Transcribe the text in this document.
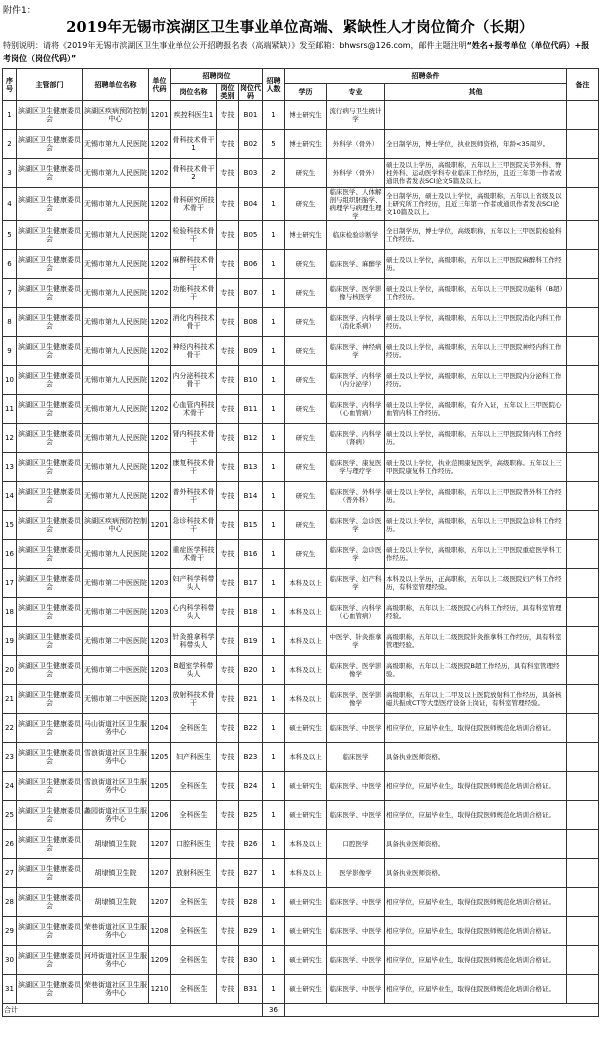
附件1：
2019年无锡市滨湖区卫生事业单位高端、紧缺性人才岗位简介（长期）
特别说明：请将《2019年无锡市滨湖区卫生事业单位公开招聘报名表（高端紧缺）》发至邮箱：bhwsrs@126.com，邮件主题注明“姓名+报考单位（单位代码）+报考岗位（岗位代码）”
序号	主管部门	招聘单位名称	单位代码	招聘岗位			招聘人数	招聘条件			备注
				岗位名称	岗位类别	岗位代码		学历	专业	其他	
1	滨湖区卫生健康委员会	滨湖区疾病预防控制中心	1201	疾控科医生1	专技	B01	1	博士研究生	流行病与卫生统计学		
2	滨湖区卫生健康委员会	无锡市第九人民医院	1202	骨科技术骨干1	专技	B02	5	博士研究生	外科学（骨外）	全日制学历，博士学位，执业医师资格，年龄<35周岁。	
3	滨湖区卫生健康委员会	无锡市第九人民医院	1202	骨科技术骨干2	专技	B03	2	研究生	外科学（骨外）	硕士及以上学历，高级职称，五年以上三甲医院关节外科、脊柱外科、运动医学科专业临床工作经历，且近三年第一作者或通讯作者发表SCI论文5篇及以上。	
4	滨湖区卫生健康委员会	无锡市第九人民医院	1202	骨科研究所技术骨干	专技	B04	1	研究生	临床医学、人体解剖与组织胚胎学、病理学与病理生理学	全日制学历，硕士及以上学位，高级职称，五年以上省级及以上研究所工作经历，且近三年第一作者或通讯作者发表SCI论文10篇及以上。	
5	滨湖区卫生健康委员会	无锡市第九人民医院	1202	检验科技术骨干	专技	B05	1	博士研究生	临床检验诊断学	全日制学历，博士学位，高级职称，五年以上三甲医院检验科工作经历。	
6	滨湖区卫生健康委员会	无锡市第九人民医院	1202	麻醉科技术骨干	专技	B06	1	研究生	临床医学、麻醉学	硕士及以上学位，高级职称，五年以上三甲医院麻醉科工作经历。	
7	滨湖区卫生健康委员会	无锡市第九人民医院	1202	功能科技术骨干	专技	B07	1	研究生	临床医学、医学影像与核医学	硕士及以上学位，高级职称，五年以上三甲医院功能科（B超）工作经历。	
8	滨湖区卫生健康委员会	无锡市第九人民医院	1202	消化内科技术骨干	专技	B08	1	研究生	临床医学、内科学（消化系病）	硕士及以上学位，高级职称，五年以上三甲医院消化内科工作经历。	
9	滨湖区卫生健康委员会	无锡市第九人民医院	1202	神经内科技术骨干	专技	B09	1	研究生	临床医学、神经病学	硕士及以上学位，高级职称，五年以上三甲医院神经内科工作经历。	
10	滨湖区卫生健康委员会	无锡市第九人民医院	1202	内分泌科技术骨干	专技	B10	1	研究生	临床医学、内科学（内分泌学）	硕士及以上学位，高级职称，五年以上三甲医院内分泌科工作经历。	
11	滨湖区卫生健康委员会	无锡市第九人民医院	1202	心血管内科技术骨干	专技	B11	1	研究生	临床医学、内科学（心血管病）	硕士及以上学位，高级职称，有介入证，五年以上三甲医院心血管内科工作经历。	
12	滨湖区卫生健康委员会	无锡市第九人民医院	1202	肾内科技术骨干	专技	B12	1	研究生	临床医学、内科学（肾病）	硕士及以上学位，高级职称，五年以上三甲医院肾内科工作经历。	
13	滨湖区卫生健康委员会	无锡市第九人民医院	1202	康复科技术骨干	专技	B13	1	研究生	临床医学、康复医学与理疗学	硕士及以上学位，执业范围康复医学，高级职称。五年以上三甲医院康复科工作经历。	
14	滨湖区卫生健康委员会	无锡市第九人民医院	1202	普外科技术骨干	专技	B14	1	研究生	临床医学、外科学（普外科）	硕士及以上学位，高级职称，五年以上三甲医院普外科工作经历。	
15	滨湖区卫生健康委员会	滨湖区疾病预防控制中心	1201	急诊科技术骨干	专技	B15	1	研究生	临床医学、急诊医学	硕士及以上学位，高级职称，五年以上三甲医院急诊科工作经历。	
16	滨湖区卫生健康委员会	无锡市第九人民医院	1202	重症医学科技术骨干	专技	B16	1	研究生	临床医学、急诊医学	硕士及以上学位，高级职称，五年以上三甲医院重症医学科工作经历。	
17	滨湖区卫生健康委员会	无锡市第二中医医院	1203	妇产科学科带头人	专技	B17	1	本科及以上	临床医学、妇产科学	本科及以上学历，正高职称，五年以上二级医院妇产科工作经历，有科室管理经验。	
18	滨湖区卫生健康委员会	无锡市第二中医医院	1203	心内科学科带头人	专技	B18	1	本科及以上	临床医学、内科学（心血管病）	高级职称，五年以上二级医院心内科工作经历，具有科室管理经验。	
19	滨湖区卫生健康委员会	无锡市第二中医医院	1203	针灸推拿科学科带头人	专技	B19	1	本科及以上	中医学、针灸推拿学	高级职称，五年以上二级医院针灸推拿科工作经历，具有科室管理经验。	
20	滨湖区卫生健康委员会	无锡市第二中医医院	1203	B超室学科带头人	专技	B20	1	本科及以上	临床医学、医学影像学	高级职称，五年以上二级医院B超工作经历，具有科室管理经验。	
21	滨湖区卫生健康委员会	无锡市第二中医医院	1203	放射科技术骨干	专技	B21	1	本科及以上	临床医学、医学影像学	高级职称，五年以上二甲及以上医院放射科工作经历，具备核磁共振或CT等大型医疗设备上岗证，有科室管理经验。	
22	滨湖区卫生健康委员会	马山街道社区卫生服务中心	1204	全科医生	专技	B22	1	硕士研究生	临床医学、中医学	相应学位，应届毕业生，取得住院医师规范化培训合格证。	
23	滨湖区卫生健康委员会	雪浪街道社区卫生服务中心	1205	妇产科医生	专技	B23	1	本科及以上	临床医学	具备执业医师资格。	
24	滨湖区卫生健康委员会	雪浪街道社区卫生服务中心	1205	全科医生	专技	B24	1	硕士研究生	临床医学、中医学	相应学位，应届毕业生，取得住院医师规范化培训合格证。	
25	滨湖区卫生健康委员会	蠡园街道社区卫生服务中心	1206	全科医生	专技	B25	1	硕士研究生	临床医学、中医学	相应学位，应届毕业生，取得住院医师规范化培训合格证。	
26	滨湖区卫生健康委员会	胡埭镇卫生院	1207	口腔科医生	专技	B26	1	本科及以上	口腔医学	具备执业医师资格。	
27	滨湖区卫生健康委员会	胡埭镇卫生院	1207	放射科医生	专技	B27	1	本科及以上	医学影像学	具备执业医师资格。	
28	滨湖区卫生健康委员会	胡埭镇卫生院	1207	全科医生	专技	B28	1	硕士研究生	临床医学、中医学	相应学位，应届毕业生，取得住院医师规范化培训合格证。	
29	滨湖区卫生健康委员会	荣巷街道社区卫生服务中心	1208	全科医生	专技	B29	1	硕士研究生	临床医学、中医学	相应学位，应届毕业生，取得住院医师规范化培训合格证。	
30	滨湖区卫生健康委员会	河埒街道社区卫生服务中心	1209	全科医生	专技	B30	1	硕士研究生	临床医学、中医学	相应学位，应届毕业生，取得住院医师规范化培训合格证。	
31	滨湖区卫生健康委员会	荣巷街道社区卫生服务中心	1210	全科医生	专技	B31	1	硕士研究生	临床医学、中医学	相应学位，应届毕业生，取得住院医师规范化培训合格证。	
合计							36				
